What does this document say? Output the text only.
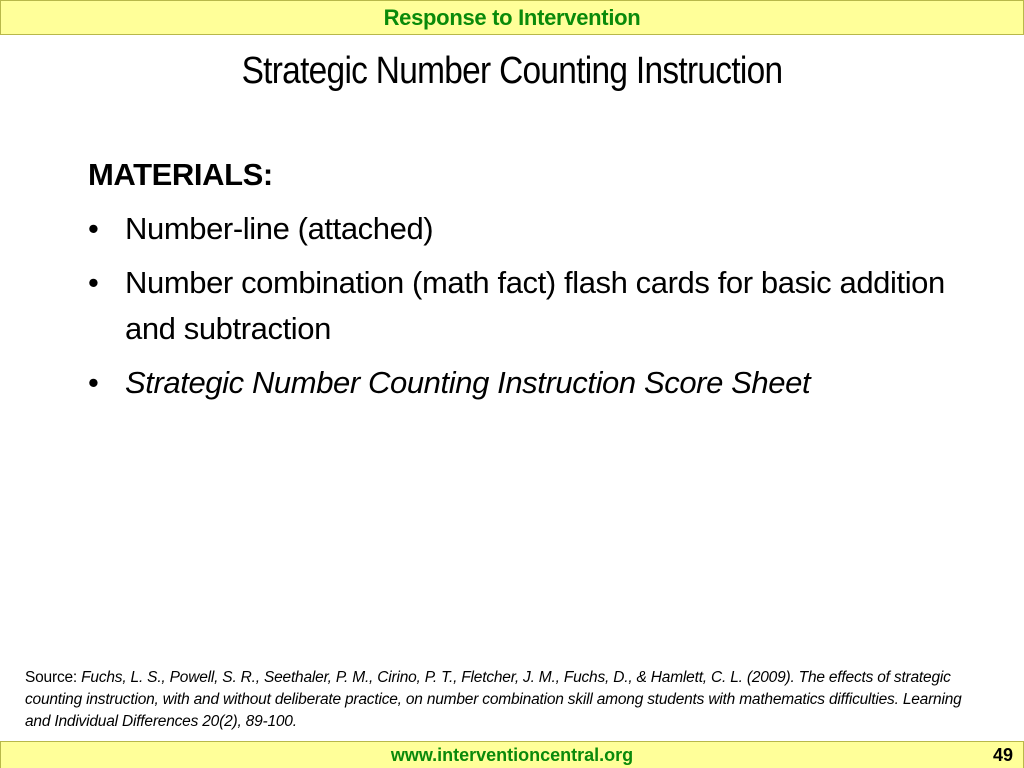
Response to Intervention
Strategic Number Counting Instruction
MATERIALS:
• Number-line (attached)
• Number combination (math fact) flash cards for basic addition and subtraction
• Strategic Number Counting Instruction Score Sheet
Source: Fuchs, L. S., Powell, S. R., Seethaler, P. M., Cirino, P. T., Fletcher, J. M., Fuchs, D., & Hamlett, C. L. (2009). The effects of strategic counting instruction, with and without deliberate practice, on number combination skill among students with mathematics difficulties. Learning and Individual Differences 20(2), 89-100.
www.interventioncentral.org	49
